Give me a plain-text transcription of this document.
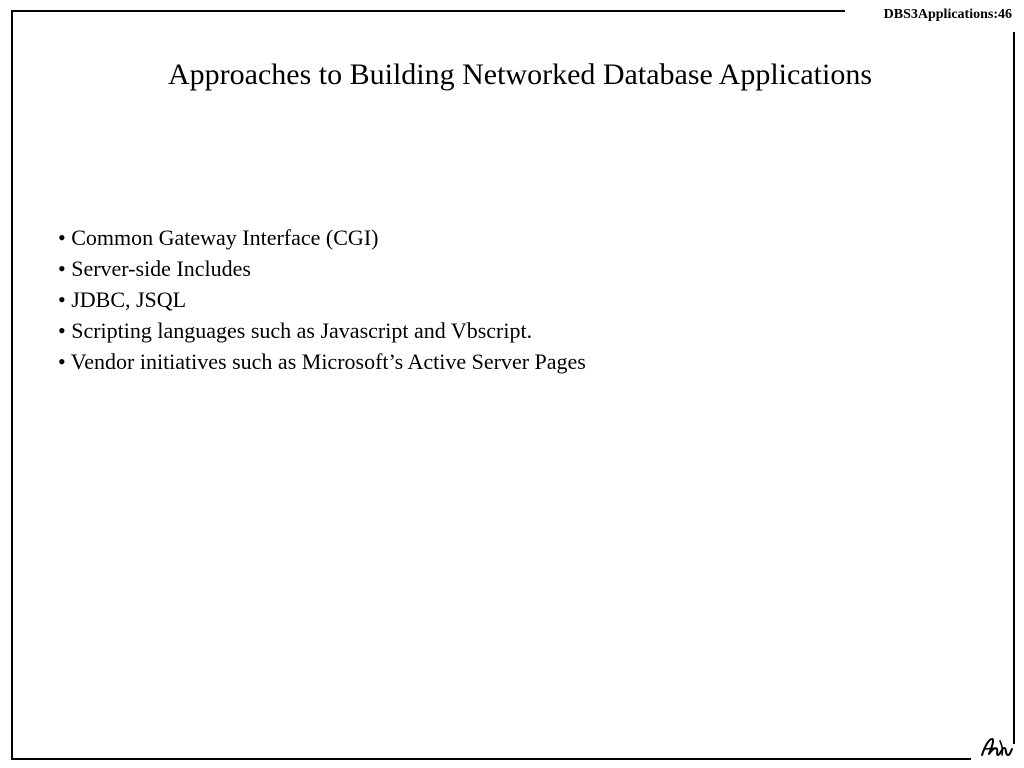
DBS3Applications:46
Approaches to Building Networked Database Applications
• Common Gateway Interface (CGI)
• Server-side Includes
• JDBC, JSQL
• Scripting languages such as Javascript and Vbscript.
• Vendor initiatives such as Microsoft’s Active Server Pages
